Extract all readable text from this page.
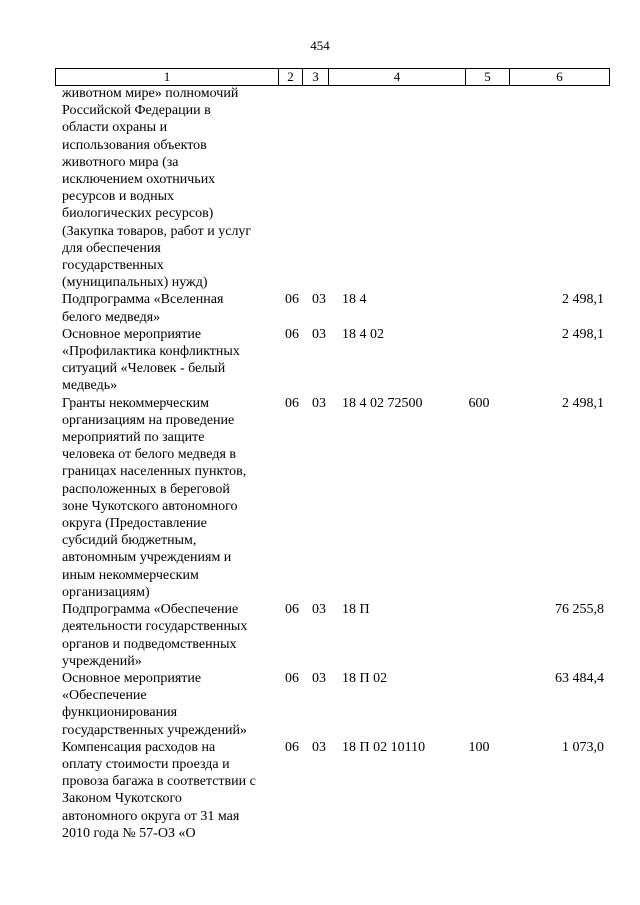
454
1	2	3	4	5	6
животном мире» полномочий
Российской Федерации в
области охраны и
использования объектов
животного мира (за
исключением охотничьих
ресурсов и водных
биологических ресурсов)
(Закупка товаров, работ и услуг
для обеспечения
государственных
(муниципальных) нужд)
Подпрограмма «Вселенная
белого медведя»
06 03	18 4	2 498,1
Основное мероприятие
«Профилактика конфликтных
ситуаций «Человек - белый
медведь»
06 03	18 4 02	2 498,1
Гранты некоммерческим
организациям на проведение
мероприятий по защите
человека от белого медведя в
границах населенных пунктов,
расположенных в береговой
зоне Чукотского автономного
округа (Предоставление
субсидий бюджетным,
автономным учреждениям и
иным некоммерческим
организациям)
06 03	18 4 02 72500	600	2 498,1
Подпрограмма «Обеспечение
деятельности государственных
органов и подведомственных
учреждений»
06 03	18 П	76 255,8
Основное мероприятие
«Обеспечение
функционирования
государственных учреждений»
06 03	18 П 02	63 484,4
Компенсация расходов на
оплату стоимости проезда и
провоза багажа в соответствии с
Законом Чукотского
автономного округа от 31 мая
2010 года № 57-ОЗ «О
06 03	18 П 02 10110	100	1 073,0
